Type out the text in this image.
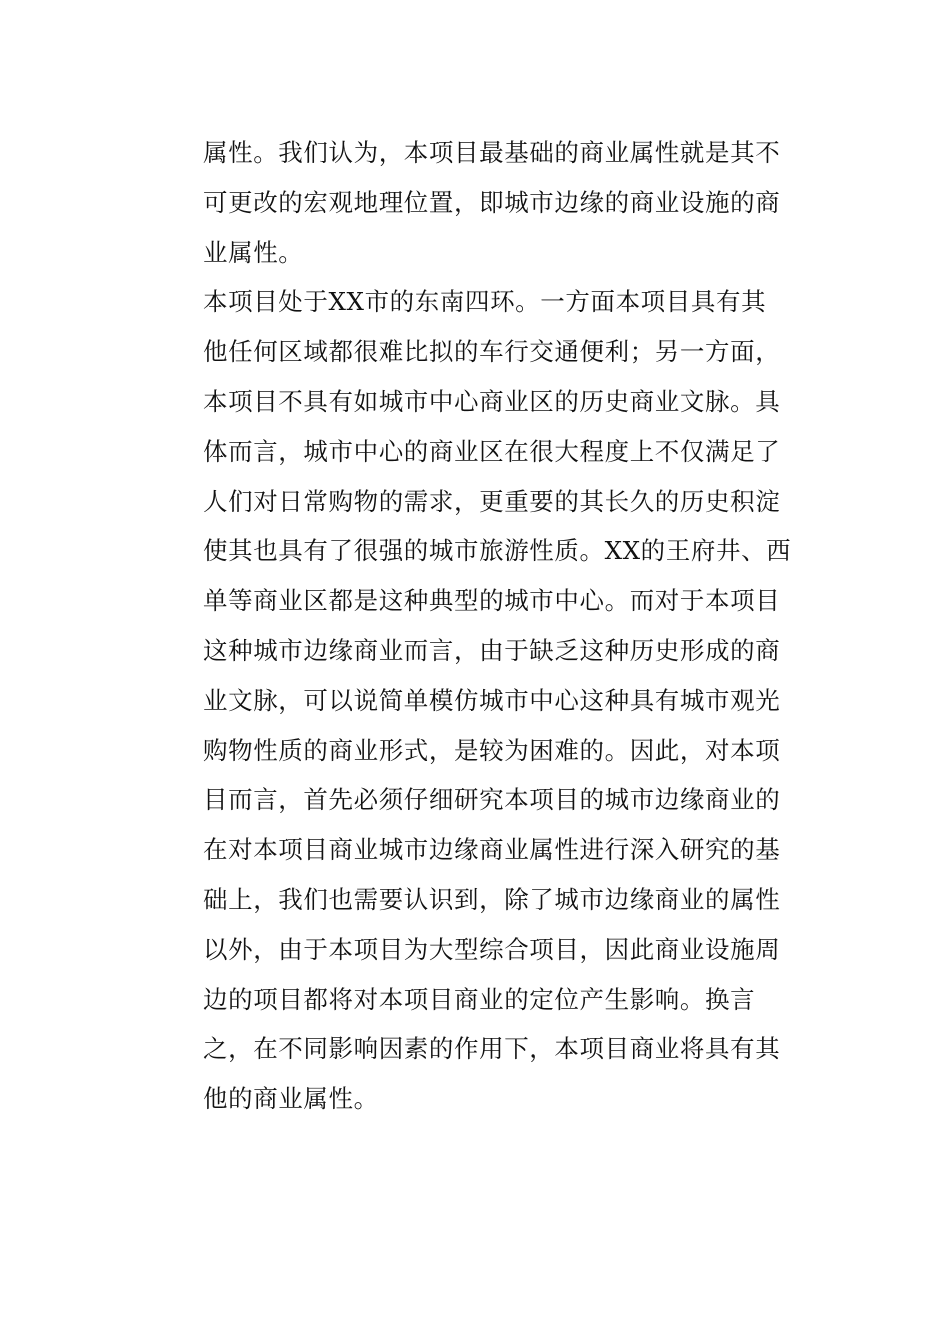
属性。我们认为，本项目最基础的商业属性就是其不
可更改的宏观地理位置，即城市边缘的商业设施的商
业属性。
本项目处于XX市的东南四环。一方面本项目具有其
他任何区域都很难比拟的车行交通便利；另一方面，
本项目不具有如城市中心商业区的历史商业文脉。具
体而言，城市中心的商业区在很大程度上不仅满足了
人们对日常购物的需求，更重要的其长久的历史积淀
使其也具有了很强的城市旅游性质。XX的王府井、西
单等商业区都是这种典型的城市中心。而对于本项目
这种城市边缘商业而言，由于缺乏这种历史形成的商
业文脉，可以说简单模仿城市中心这种具有城市观光
购物性质的商业形式，是较为困难的。因此，对本项
目而言，首先必须仔细研究本项目的城市边缘商业的
在对本项目商业城市边缘商业属性进行深入研究的基
础上，我们也需要认识到，除了城市边缘商业的属性
以外，由于本项目为大型综合项目，因此商业设施周
边的项目都将对本项目商业的定位产生影响。换言
之，在不同影响因素的作用下，本项目商业将具有其
他的商业属性。
